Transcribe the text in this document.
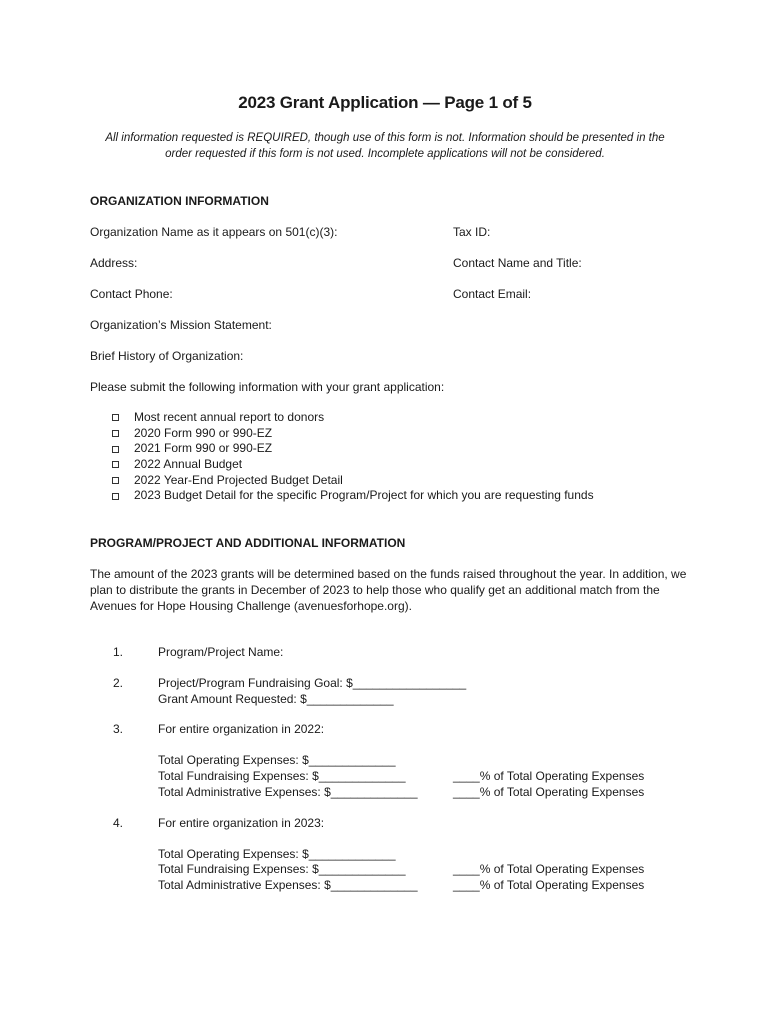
2023 Grant Application — Page 1 of 5
All information requested is REQUIRED, though use of this form is not. Information should be presented in the order requested if this form is not used. Incomplete applications will not be considered.
ORGANIZATION INFORMATION
Organization Name as it appears on 501(c)(3):	Tax ID:
Address:	Contact Name and Title:
Contact Phone:	Contact Email:
Organization’s Mission Statement:
Brief History of Organization:
Please submit the following information with your grant application:
Most recent annual report to donors
2020 Form 990 or 990-EZ
2021 Form 990 or 990-EZ
2022 Annual Budget
2022 Year-End Projected Budget Detail
2023 Budget Detail for the specific Program/Project for which you are requesting funds
PROGRAM/PROJECT AND ADDITIONAL INFORMATION
The amount of the 2023 grants will be determined based on the funds raised throughout the year. In addition, we plan to distribute the grants in December of 2023 to help those who qualify get an additional match from the Avenues for Hope Housing Challenge (avenuesforhope.org).
1.	Program/Project Name:
2.	Project/Program Fundraising Goal: $_________________
Grant Amount Requested: $_____________
3.	For entire organization in 2022:
Total Operating Expenses: $_____________
Total Fundraising Expenses: $_____________	____% of Total Operating Expenses
Total Administrative Expenses: $_____________	____% of Total Operating Expenses
4.	For entire organization in 2023:
Total Operating Expenses: $_____________
Total Fundraising Expenses: $_____________	____% of Total Operating Expenses
Total Administrative Expenses: $_____________	____% of Total Operating Expenses
